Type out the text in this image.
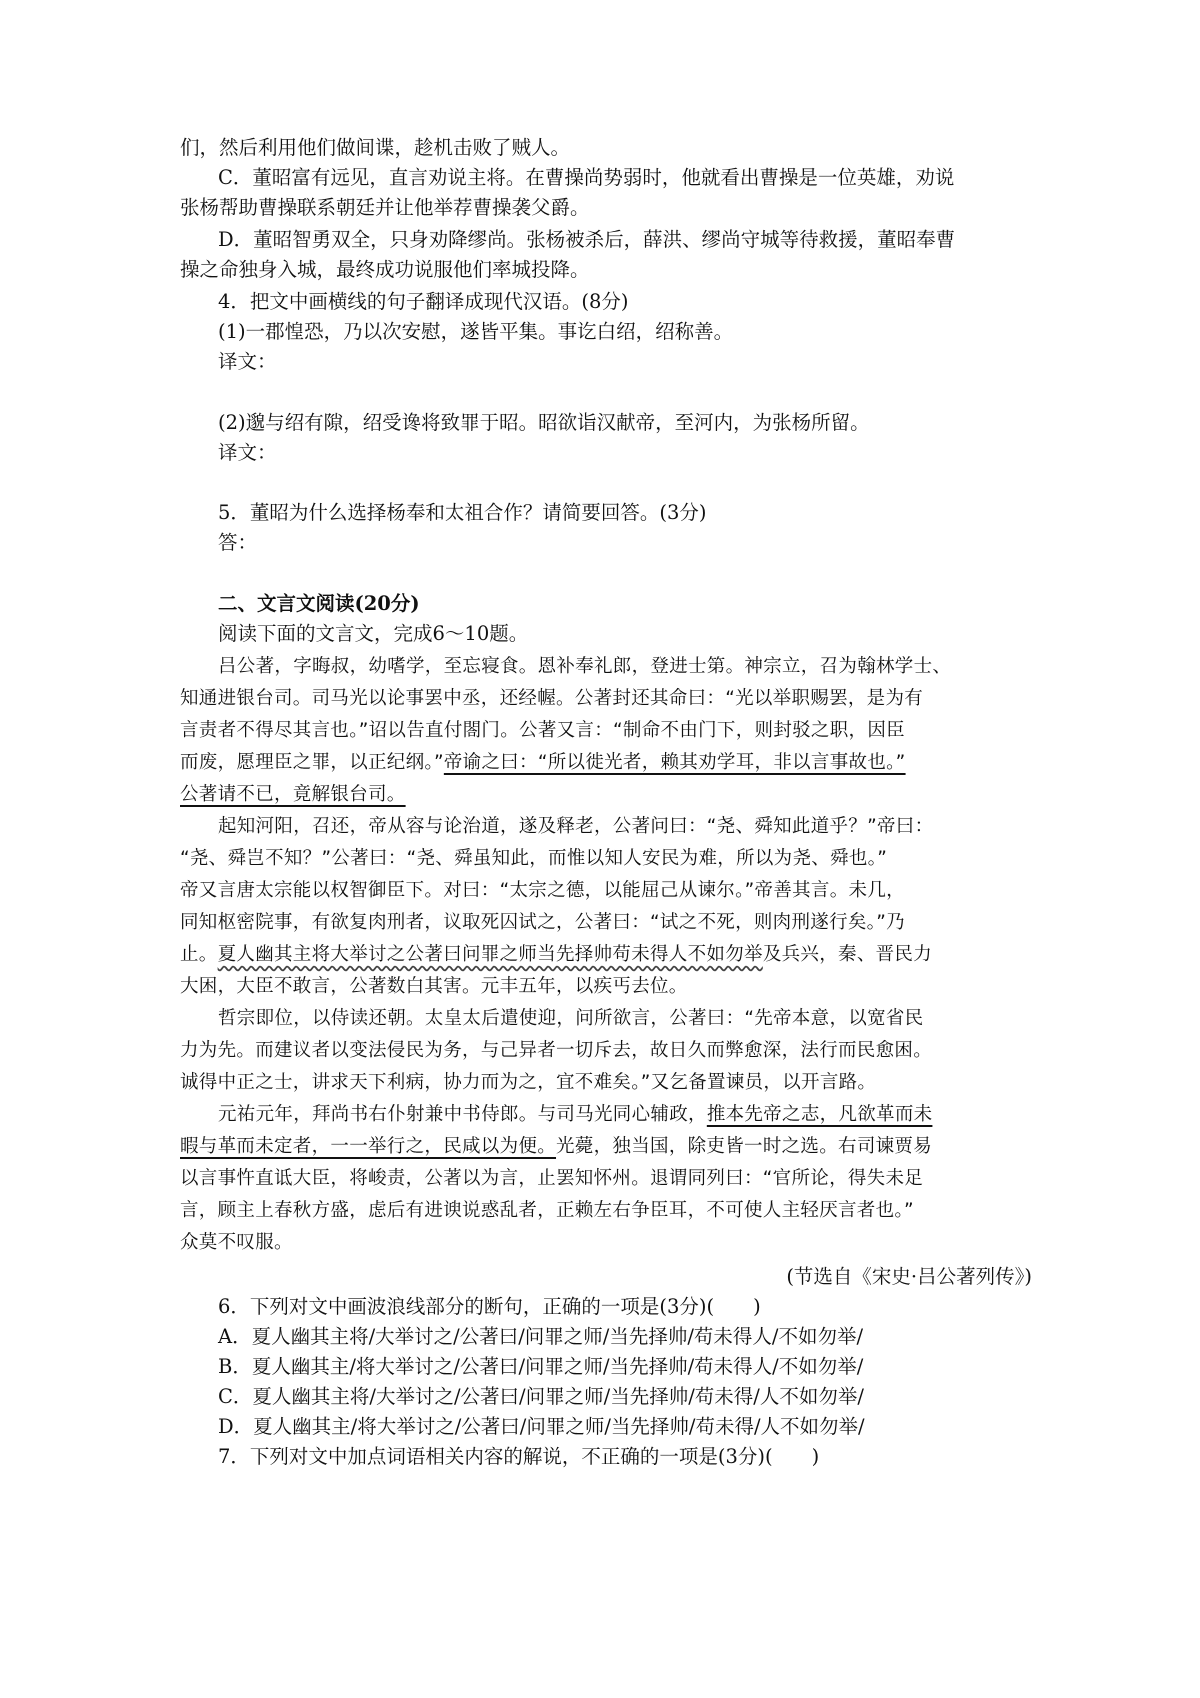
们，然后利用他们做间谍，趁机击败了贼人。
C．董昭富有远见，直言劝说主将。在曹操尚势弱时，他就看出曹操是一位英雄，劝说
张杨帮助曹操联系朝廷并让他举荐曹操袭父爵。
D．董昭智勇双全，只身劝降缪尚。张杨被杀后，薛洪、缪尚守城等待救援，董昭奉曹
操之命独身入城，最终成功说服他们率城投降。
4．把文中画横线的句子翻译成现代汉语。(8分)
(1)一郡惶恐，乃以次安慰，遂皆平集。事讫白绍，绍称善。
译文：
(2)邈与绍有隙，绍受谗将致罪于昭。昭欲诣汉献帝，至河内，为张杨所留。
译文：
5．董昭为什么选择杨奉和太祖合作？请简要回答。(3分)
答：
二、文言文阅读(20分)
阅读下面的文言文，完成6～10题。
吕公著，字晦叔，幼嗜学，至忘寝食。恩补奉礼郎，登进士第。神宗立，召为翰林学士、
知通进银台司。司马光以论事罢中丞，还经幄。公著封还其命曰：“光以举职赐罢，是为有
言责者不得尽其言也。”诏以告直付閤门。公著又言：“制命不由门下，则封驳之职，因臣
而废，愿理臣之罪，以正纪纲。”帝谕之曰：“所以徙光者，赖其劝学耳，非以言事故也。”
公著请不已，竟解银台司。
起知河阳，召还，帝从容与论治道，遂及释老，公著问曰：“尧、舜知此道乎？”帝曰：
“尧、舜岂不知？”公著曰：“尧、舜虽知此，而惟以知人安民为难，所以为尧、舜也。”
帝又言唐太宗能以权智御臣下。对曰：“太宗之德，以能屈己从谏尔。”帝善其言。未几，
同知枢密院事，有欲复肉刑者，议取死囚试之，公著曰：“试之不死，则肉刑遂行矣。”乃
止。夏人幽其主将大举讨之公著曰问罪之师当先择帅苟未得人不如勿举及兵兴，秦、晋民力
大困，大臣不敢言，公著数白其害。元丰五年，以疾丐去位。
哲宗即位，以侍读还朝。太皇太后遣使迎，问所欲言，公著曰：“先帝本意，以宽省民
力为先。而建议者以变法侵民为务，与己异者一切斥去，故日久而弊愈深，法行而民愈困。
诚得中正之士，讲求天下利病，协力而为之，宜不难矣。”又乞备置谏员，以开言路。
元祐元年，拜尚书右仆射兼中书侍郎。与司马光同心辅政，推本先帝之志，凡欲革而未
暇与革而未定者，一一举行之，民咸以为便。光薨，独当国，除吏皆一时之选。右司谏贾易
以言事忤直诋大臣，将峻责，公著以为言，止罢知怀州。退谓同列曰：“官所论，得失未足
言，顾主上春秋方盛，虑后有进谀说惑乱者，正赖左右争臣耳，不可使人主轻厌言者也。”
众莫不叹服。
(节选自《宋史·吕公著列传》)
6．下列对文中画波浪线部分的断句，正确的一项是(3分)(　　)
A．夏人幽其主将/大举讨之/公著曰/问罪之师/当先择帅/苟未得人/不如勿举/
B．夏人幽其主/将大举讨之/公著曰/问罪之师/当先择帅/苟未得人/不如勿举/
C．夏人幽其主将/大举讨之/公著曰/问罪之师/当先择帅/苟未得/人不如勿举/
D．夏人幽其主/将大举讨之/公著曰/问罪之师/当先择帅/苟未得/人不如勿举/
7．下列对文中加点词语相关内容的解说，不正确的一项是(3分)(　　)
